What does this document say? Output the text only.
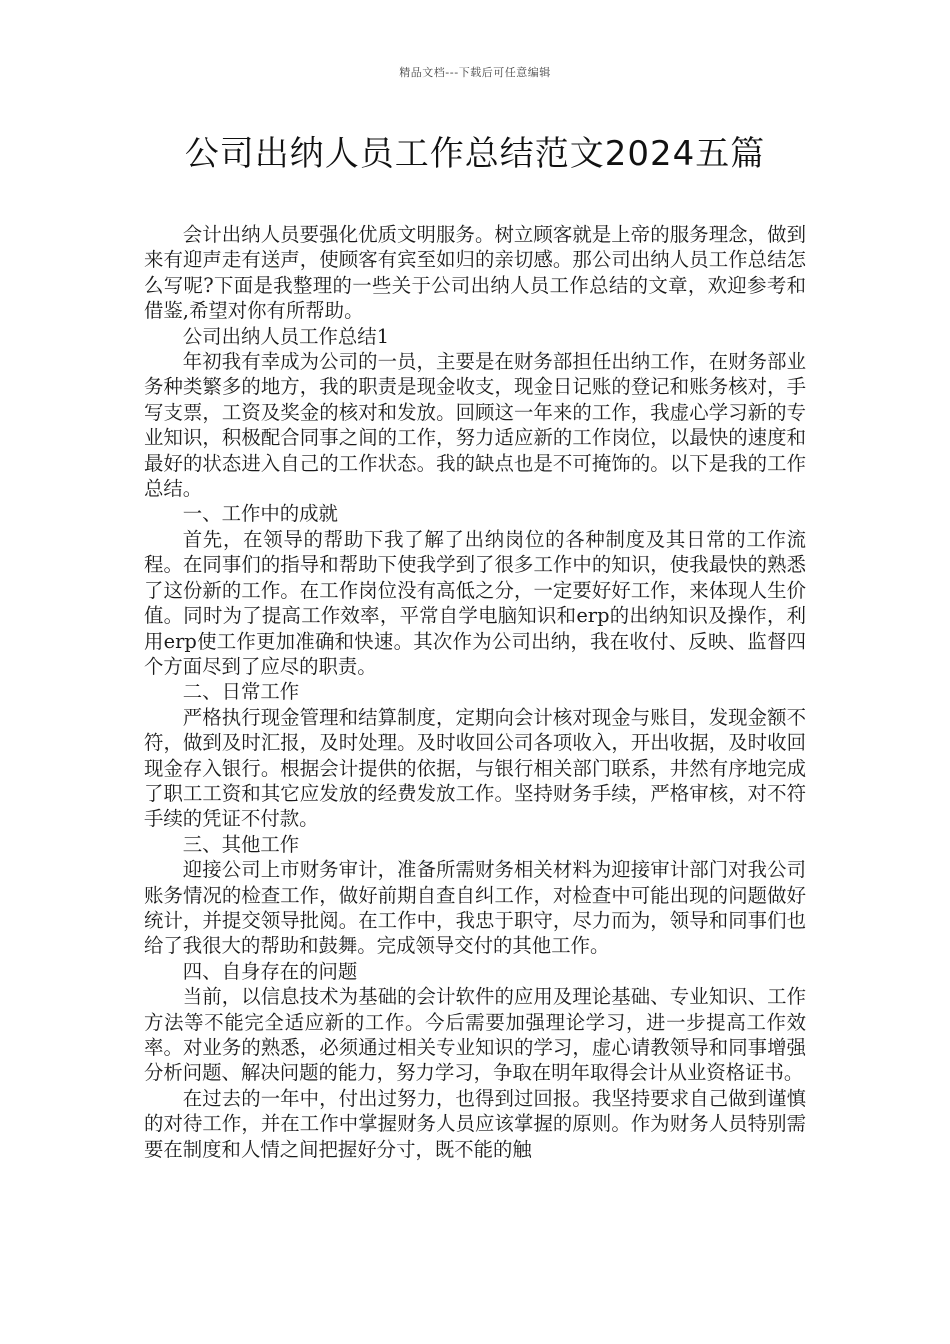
精品文档---下载后可任意编辑
公司出纳人员工作总结范文2024五篇

会计出纳人员要强化优质文明服务。树立顾客就是上帝的服务理念，做到来有迎声走有送声，使顾客有宾至如归的亲切感。那公司出纳人员工作总结怎么写呢?下面是我整理的一些关于公司出纳人员工作总结的文章，欢迎参考和借鉴,希望对你有所帮助。

公司出纳人员工作总结1

年初我有幸成为公司的一员，主要是在财务部担任出纳工作，在财务部业务种类繁多的地方，我的职责是现金收支，现金日记账的登记和账务核对，手写支票，工资及奖金的核对和发放。回顾这一年来的工作，我虚心学习新的专业知识，积极配合同事之间的工作，努力适应新的工作岗位，以最快的速度和最好的状态进入自己的工作状态。我的缺点也是不可掩饰的。以下是我的工作总结。

一、工作中的成就

首先，在领导的帮助下我了解了出纳岗位的各种制度及其日常的工作流程。在同事们的指导和帮助下使我学到了很多工作中的知识，使我最快的熟悉了这份新的工作。在工作岗位没有高低之分，一定要好好工作，来体现人生价值。同时为了提高工作效率，平常自学电脑知识和erp的出纳知识及操作，利用erp使工作更加准确和快速。其次作为公司出纳，我在收付、反映、监督四个方面尽到了应尽的职责。

二、日常工作

严格执行现金管理和结算制度，定期向会计核对现金与账目，发现金额不符，做到及时汇报，及时处理。及时收回公司各项收入，开出收据，及时收回现金存入银行。根据会计提供的依据，与银行相关部门联系，井然有序地完成了职工工资和其它应发放的经费发放工作。坚持财务手续，严格审核，对不符手续的凭证不付款。

三、其他工作

迎接公司上市财务审计，准备所需财务相关材料为迎接审计部门对我公司账务情况的检查工作，做好前期自查自纠工作，对检查中可能出现的问题做好统计，并提交领导批阅。在工作中，我忠于职守，尽力而为，领导和同事们也给了我很大的帮助和鼓舞。完成领导交付的其他工作。

四、自身存在的问题

当前，以信息技术为基础的会计软件的应用及理论基础、专业知识、工作方法等不能完全适应新的工作。今后需要加强理论学习，进一步提高工作效率。对业务的熟悉，必须通过相关专业知识的学习，虚心请教领导和同事增强分析问题、解决问题的能力，努力学习，争取在明年取得会计从业资格证书。

在过去的一年中，付出过努力，也得到过回报。我坚持要求自己做到谨慎的对待工作，并在工作中掌握财务人员应该掌握的原则。作为财务人员特别需要在制度和人情之间把握好分寸，既不能的触
